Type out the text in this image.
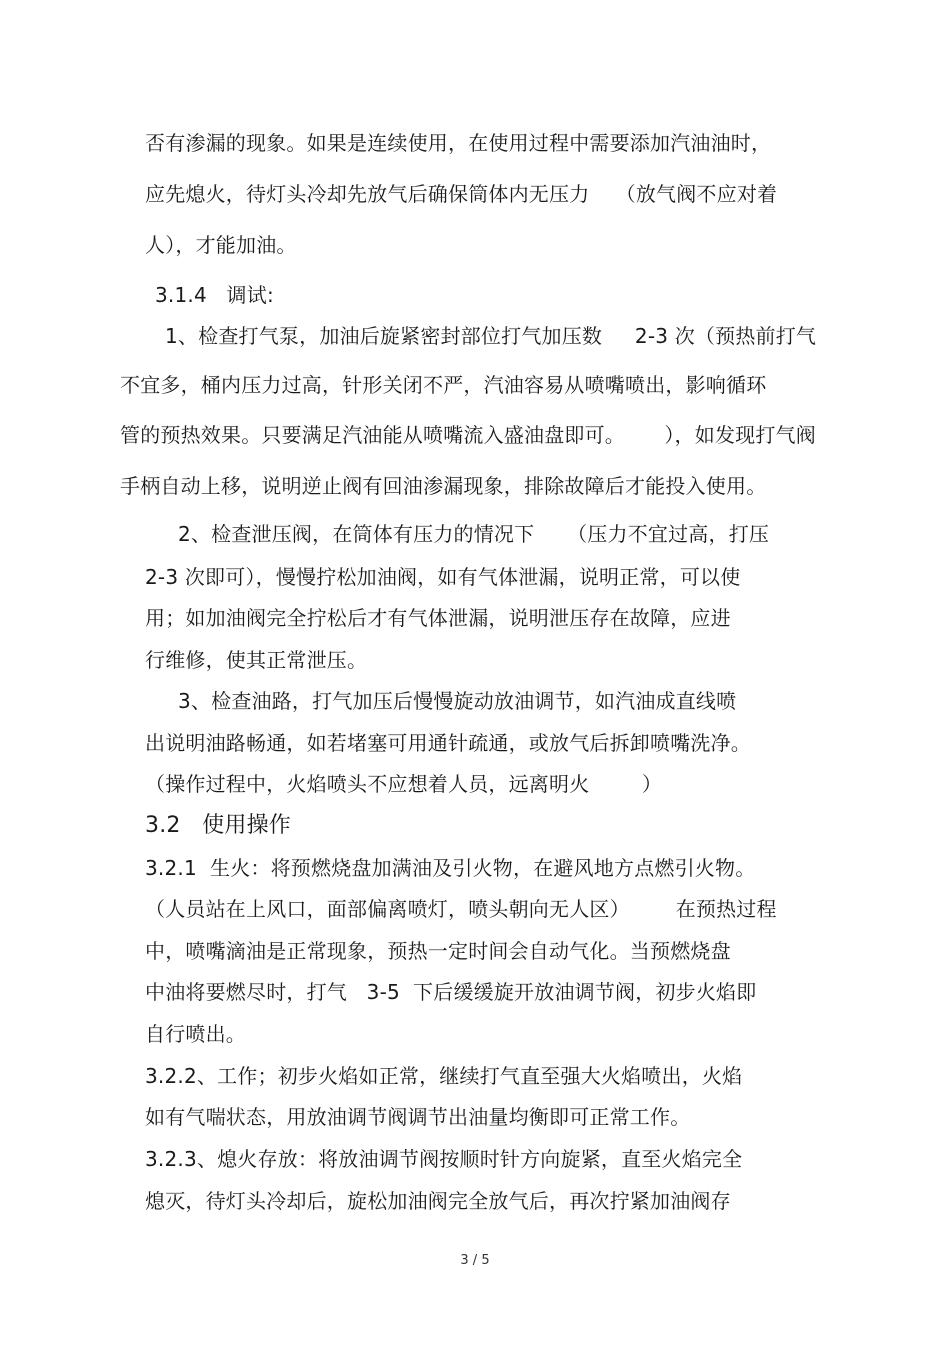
否有渗漏的现象。如果是连续使用，在使用过程中需要添加汽油油时，
应先熄火，待灯头冷却先放气后确保筒体内无压力    （放气阀不应对着
人），才能加油。
3.1.4   调试:
1、检查打气泵，加油后旋紧密封部位打气加压数     2-3 次（预热前打气
不宜多，桶内压力过高，针形关闭不严，汽油容易从喷嘴喷出，影响循环
管的预热效果。只要满足汽油能从喷嘴流入盛油盘即可。      ），如发现打气阀
手柄自动上移，说明逆止阀有回油渗漏现象，排除故障后才能投入使用。
2、检查泄压阀，在筒体有压力的情况下     （压力不宜过高，打压
2-3 次即可），慢慢拧松加油阀，如有气体泄漏，说明正常，可以使
用；如加油阀完全拧松后才有气体泄漏，说明泄压存在故障，应进
行维修，使其正常泄压。
3、检查油路，打气加压后慢慢旋动放油调节，如汽油成直线喷
出说明油路畅通，如若堵塞可用通针疏通，或放气后拆卸喷嘴洗净。
（操作过程中，火焰喷头不应想着人员，远离明火        ）
3.2   使用操作
3.2.1  生火：将预燃烧盘加满油及引火物，在避风地方点燃引火物。
（人员站在上风口，面部偏离喷灯，喷头朝向无人区）       在预热过程
中，喷嘴滴油是正常现象，预热一定时间会自动气化。当预燃烧盘
中油将要燃尽时，打气   3-5  下后缓缓旋开放油调节阀，初步火焰即
自行喷出。
3.2.2、工作；初步火焰如正常，继续打气直至强大火焰喷出，火焰
如有气喘状态，用放油调节阀调节出油量均衡即可正常工作。
3.2.3、熄火存放：将放油调节阀按顺时针方向旋紧，直至火焰完全
熄灭，待灯头冷却后，旋松加油阀完全放气后，再次拧紧加油阀存
3 / 5
